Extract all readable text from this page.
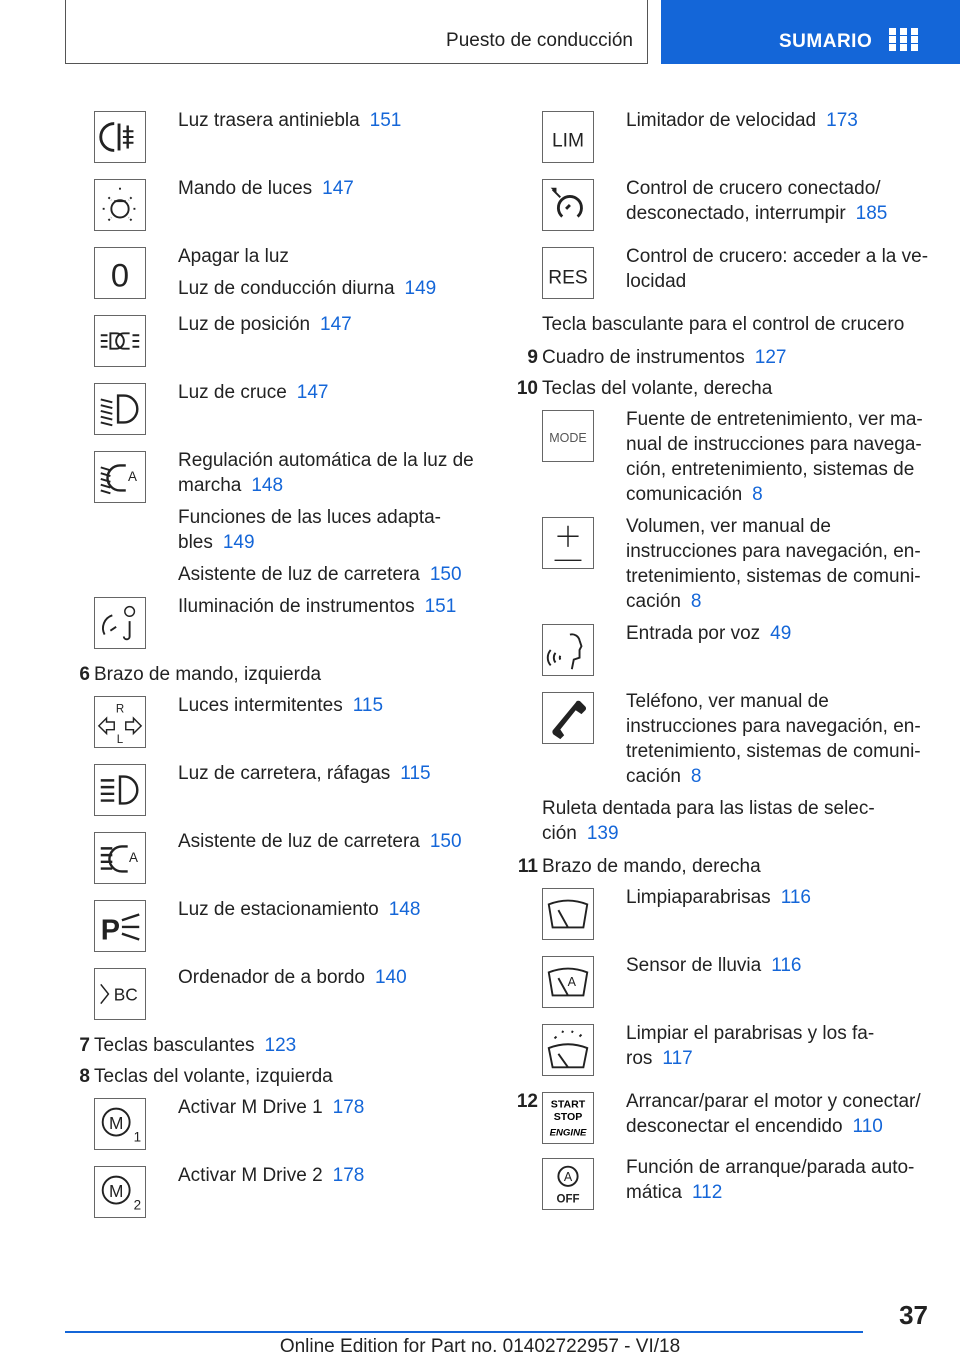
Puesto de conducción	SUMARIO

Luz trasera antiniebla 151

Mando de luces 147

0	Apagar la luz

Luz de conducción diurna 149

Luz de posición 147

Luz de cruce 147

A

Regulación automática de la luz de marcha 148

Funciones de las luces adapta-bles 149

Asistente de luz de carretera 150

Iluminación de instrumentos 151

6 Brazo de mando, izquierda
R
L

Luces intermitentes 115

Luz de carretera, ráfagas 115

A

Asistente de luz de carretera 150

P

Luz de estacionamiento 148

BC

Ordenador de a bordo 140

7 Teclas basculantes 123
8 Teclas del volante, izquierda
M
1

Activar M Drive 1 178

M
2

Activar M Drive 2 178

LIM

Limitador de velocidad 173

Control de crucero conectado/ desconectado, interrumpir 185

RES

Control de crucero: acceder a la ve-locidad

Tecla basculante para el control de crucero
9 Cuadro de instrumentos 127
10 Teclas del volante, derecha
MODE

Fuente de entretenimiento, ver ma-nual de instrucciones para navega-ción, entretenimiento, sistemas de comunicación 8

Volumen, ver manual de instrucciones para navegación, en-tretenimiento, sistemas de comuni-cación 8

Entrada por voz 49

Teléfono, ver manual de instrucciones para navegación, en-tretenimiento, sistemas de comuni-cación 8

Ruleta dentada para las listas de selec-ción 139
11 Brazo de mando, derecha

Limpiaparabrisas 116

A

Sensor de lluvia 116

Limpiar el parabrisas y los fa-ros 117

12 START
STOP
ENGINE

Arrancar/parar el motor y conectar/ desconectar el encendido 110

A
OFF

Función de arranque/parada auto-mática 112

37
Online Edition for Part no. 01402722957 - VI/18
